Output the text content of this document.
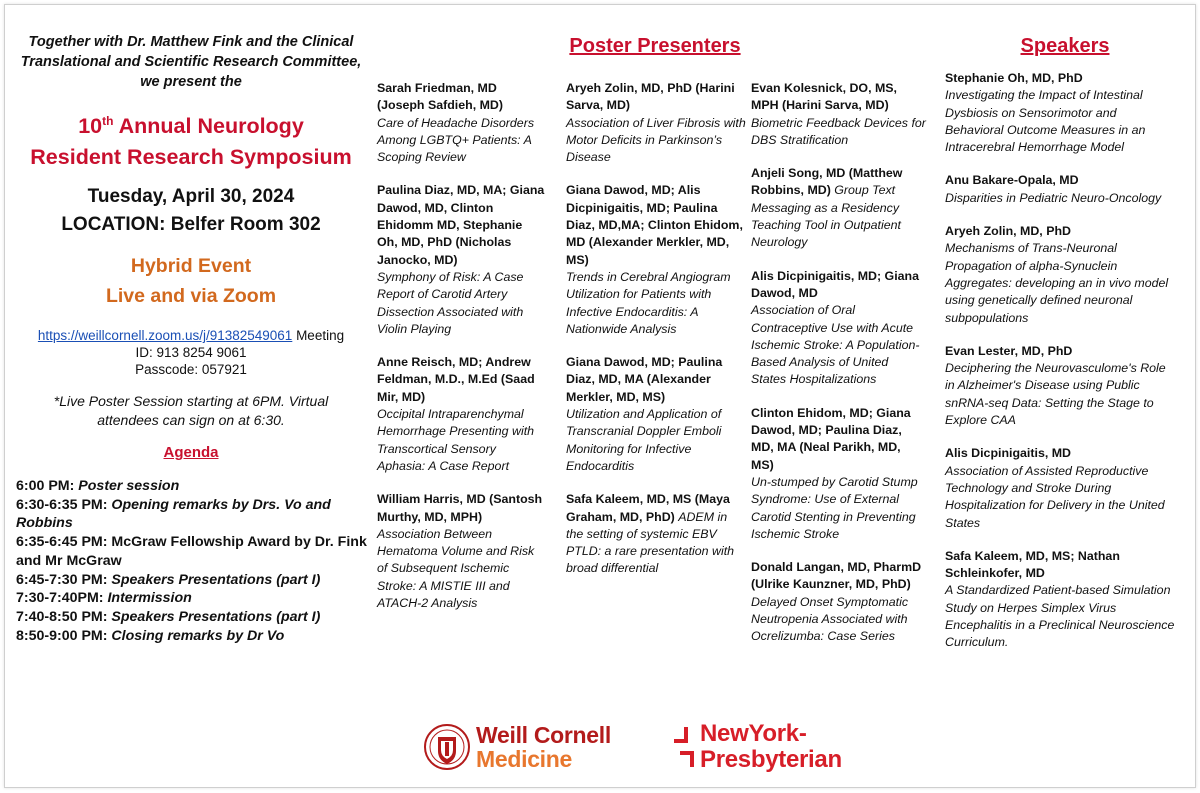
Together with Dr. Matthew Fink and the Clinical
Translational and Scientific Research Committee,
we present the
10th Annual Neurology
Resident Research Symposium
Tuesday, April 30, 2024
LOCATION: Belfer Room 302
Hybrid Event
Live and via Zoom
https://weillcornell.zoom.us/j/91382549061 Meeting
ID: 913 8254 9061
Passcode: 057921
*Live Poster Session starting at 6PM. Virtual
attendees can sign on at 6:30.
Agenda
6:00 PM: Poster session
6:30-6:35 PM: Opening remarks by Drs. Vo and Robbins
6:35-6:45 PM: McGraw Fellowship Award by Dr. Fink and Mr McGraw
6:45-7:30 PM: Speakers Presentations (part I)
7:30-7:40PM: Intermission
7:40-8:50 PM: Speakers Presentations (part I)
8:50-9:00 PM: Closing remarks by Dr Vo
Poster Presenters
Sarah Friedman, MD (Joseph Safdieh, MD)
Care of Headache Disorders Among LGBTQ+ Patients: A Scoping Review
Paulina Diaz, MD, MA; Giana Dawod, MD, Clinton Ehidomm MD, Stephanie Oh, MD, PhD (Nicholas Janocko, MD)
Symphony of Risk: A Case Report of Carotid Artery Dissection Associated with Violin Playing
Anne Reisch, MD; Andrew Feldman, M.D., M.Ed (Saad Mir, MD)
Occipital Intraparenchymal Hemorrhage Presenting with Transcortical Sensory Aphasia: A Case Report
William Harris, MD (Santosh Murthy, MD, MPH)
Association Between Hematoma Volume and Risk of Subsequent Ischemic Stroke: A MISTIE III and ATACH-2 Analysis
Aryeh Zolin, MD, PhD (Harini Sarva, MD)
Association of Liver Fibrosis with Motor Deficits in Parkinson’s Disease
Giana Dawod, MD; Alis Dicpinigaitis, MD; Paulina Diaz, MD,MA; Clinton Ehidom, MD (Alexander Merkler, MD, MS)
Trends in Cerebral Angiogram Utilization for Patients with Infective Endocarditis: A Nationwide Analysis
Giana Dawod, MD; Paulina Diaz, MD, MA (Alexander Merkler, MD, MS)
Utilization and Application of Transcranial Doppler Emboli Monitoring for Infective Endocarditis
Safa Kaleem, MD, MS (Maya Graham, MD, PhD) ADEM in the setting of systemic EBV PTLD: a rare presentation with broad differential
Evan Kolesnick, DO, MS, MPH (Harini Sarva, MD) Biometric Feedback Devices for DBS Stratification
Anjeli Song, MD (Matthew Robbins, MD) Group Text Messaging as a Residency Teaching Tool in Outpatient Neurology
Alis Dicpinigaitis, MD; Giana Dawod, MD
Association of Oral Contraceptive Use with Acute Ischemic Stroke: A Population-Based Analysis of United States Hospitalizations
Clinton Ehidom, MD; Giana Dawod, MD; Paulina Diaz, MD, MA (Neal Parikh, MD, MS)
Un-stumped by Carotid Stump Syndrome: Use of External Carotid Stenting in Preventing Ischemic Stroke
Donald Langan, MD, PharmD (Ulrike Kaunzner, MD, PhD)
Delayed Onset Symptomatic Neutropenia Associated with Ocrelizumba: Case Series
Speakers
Stephanie Oh, MD, PhD
Investigating the Impact of Intestinal Dysbiosis on Sensorimotor and Behavioral Outcome Measures in an Intracerebral Hemorrhage Model
Anu Bakare-Opala, MD
Disparities in Pediatric Neuro-Oncology
Aryeh Zolin, MD, PhD
Mechanisms of Trans-Neuronal Propagation of alpha-Synuclein Aggregates: developing an in vivo model using genetically defined neuronal subpopulations
Evan Lester, MD, PhD
Deciphering the Neurovasculome's Role in Alzheimer's Disease using Public snRNA-seq Data: Setting the Stage to Explore CAA
Alis Dicpinigaitis, MD
Association of Assisted Reproductive Technology and Stroke During Hospitalization for Delivery in the United States
Safa Kaleem, MD, MS; Nathan Schleinkofer, MD
A Standardized Patient-based Simulation Study on Herpes Simplex Virus Encephalitis in a Preclinical Neuroscience Curriculum.
Weill Cornell
Medicine
NewYork-
Presbyterian
